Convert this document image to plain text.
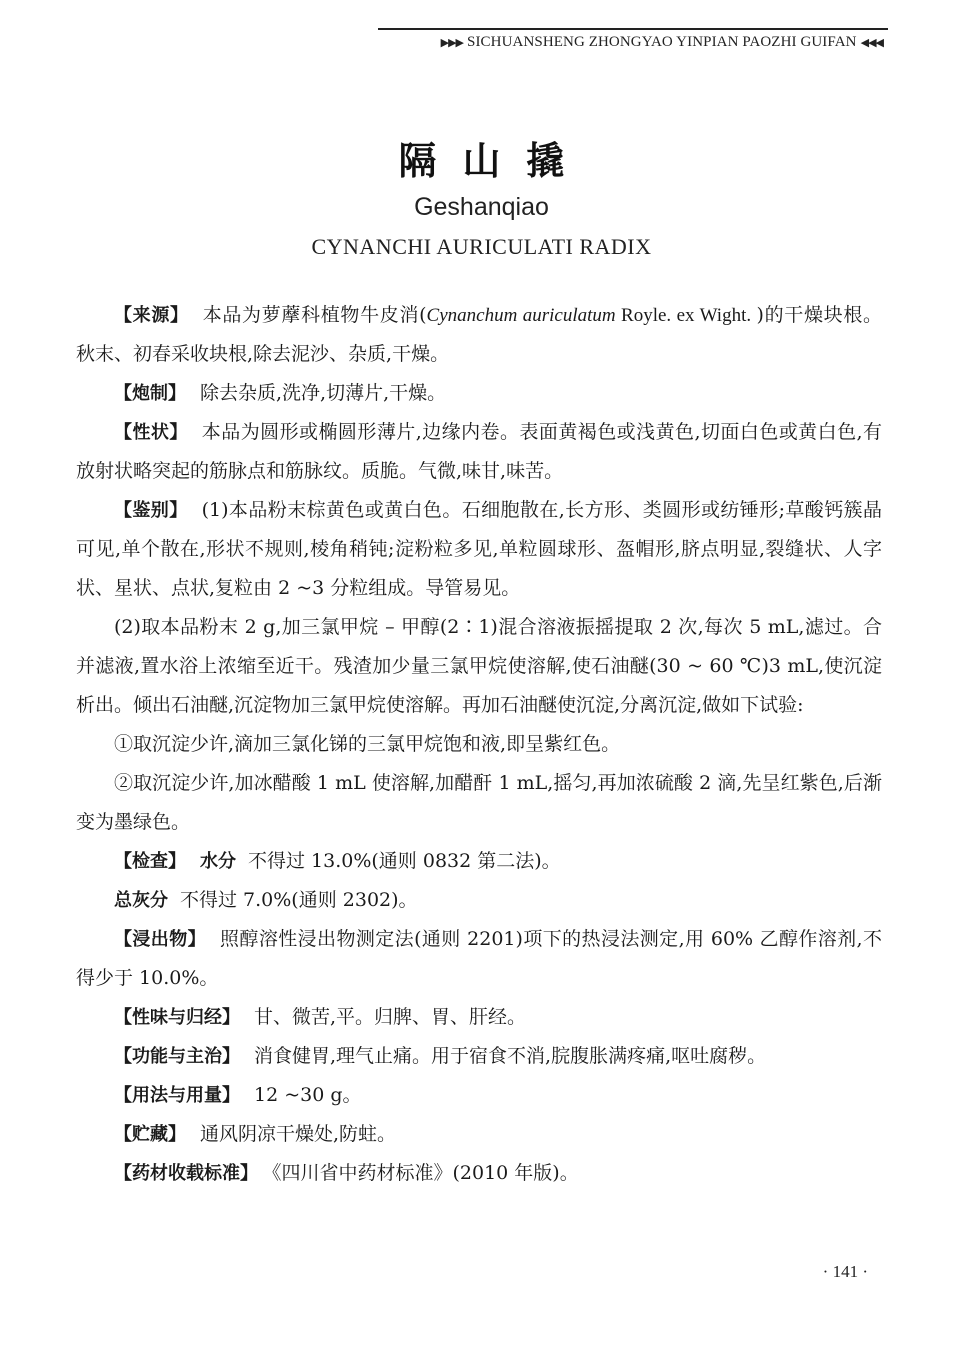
▶▶▶ SICHUANSHENG ZHONGYAO YINPIAN PAOZHI GUIFAN ◀◀◀
隔山撬
Geshanqiao
CYNANCHI AURICULATI RADIX

【来源】 本品为萝藦科植物牛皮消(Cynanchum auriculatum Royle. ex Wight. )的干燥块根。秋末、初春采收块根,除去泥沙、杂质,干燥。

【炮制】 除去杂质,洗净,切薄片,干燥。

【性状】 本品为圆形或椭圆形薄片,边缘内卷。表面黄褐色或浅黄色,切面白色或黄白色,有放射状略突起的筋脉点和筋脉纹。质脆。气微,味甘,味苦。

【鉴别】 (1)本品粉末棕黄色或黄白色。石细胞散在,长方形、类圆形或纺锤形;草酸钙簇晶可见,单个散在,形状不规则,棱角稍钝;淀粉粒多见,单粒圆球形、盔帽形,脐点明显,裂缝状、人字状、星状、点状,复粒由 2 ~3 分粒组成。导管易见。

(2)取本品粉末 2 g,加三氯甲烷 – 甲醇(2∶1)混合溶液振摇提取 2 次,每次 5 mL,滤过。合并滤液,置水浴上浓缩至近干。残渣加少量三氯甲烷使溶解,使石油醚(30 ~ 60 ℃)3 mL,使沉淀析出。倾出石油醚,沉淀物加三氯甲烷使溶解。再加石油醚使沉淀,分离沉淀,做如下试验:

①取沉淀少许,滴加三氯化锑的三氯甲烷饱和液,即呈紫红色。

②取沉淀少许,加冰醋酸 1 mL 使溶解,加醋酐 1 mL,摇匀,再加浓硫酸 2 滴,先呈红紫色,后渐变为墨绿色。

【检查】 水分 不得过 13.0%(通则 0832 第二法)。

总灰分 不得过 7.0%(通则 2302)。

【浸出物】 照醇溶性浸出物测定法(通则 2201)项下的热浸法测定,用 60% 乙醇作溶剂,不得少于 10.0%。

【性味与归经】 甘、微苦,平。归脾、胃、肝经。

【功能与主治】 消食健胃,理气止痛。用于宿食不消,脘腹胀满疼痛,呕吐腐秽。

【用法与用量】 12 ~30 g。

【贮藏】 通风阴凉干燥处,防蛀。

【药材收载标准】 《四川省中药材标准》(2010 年版)。

· 141 ·
